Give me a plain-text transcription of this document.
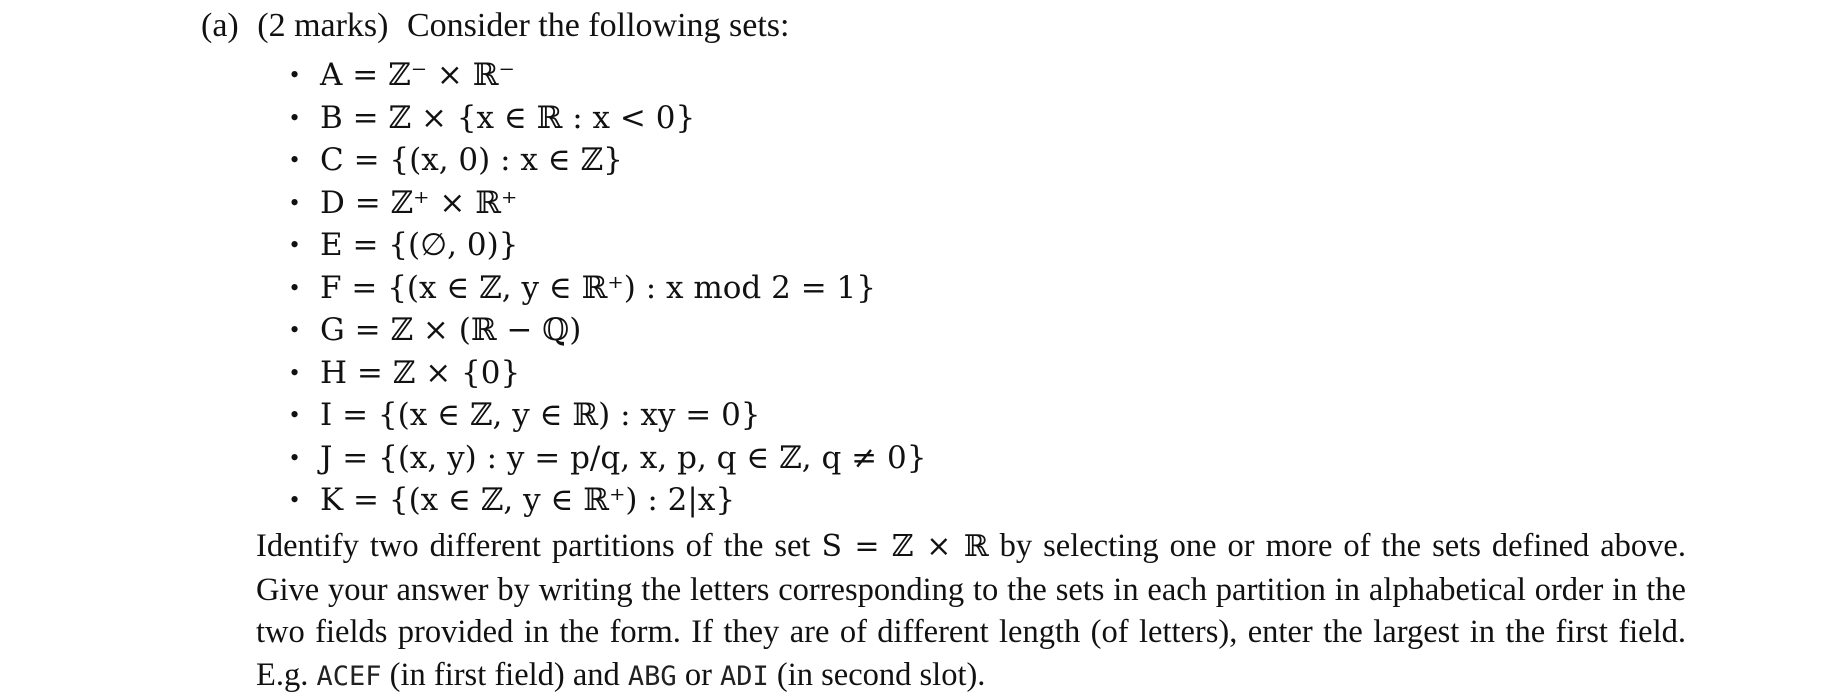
(a) (2 marks) Consider the following sets:
• A = ℤ⁻ × ℝ⁻
• B = ℤ × {x ∈ ℝ : x < 0}
• C = {(x, 0) : x ∈ ℤ}
• D = ℤ⁺ × ℝ⁺
• E = {(∅, 0)}
• F = {(x ∈ ℤ, y ∈ ℝ⁺) : x mod 2 = 1}
• G = ℤ × (ℝ − ℚ)
• H = ℤ × {0}
• I = {(x ∈ ℤ, y ∈ ℝ) : xy = 0}
• J = {(x, y) : y = p/q, x, p, q ∈ ℤ, q ≠ 0}
• K = {(x ∈ ℤ, y ∈ ℝ⁺) : 2|x}

Identify two different partitions of the set S = ℤ × ℝ by selecting one or more of the sets defined above. Give your answer by writing the letters corresponding to the sets in each partition in alphabetical order in the two fields provided in the form. If they are of different length (of letters), enter the largest in the first field. E.g. ACEF (in first field) and ABG or ADI (in second slot).
